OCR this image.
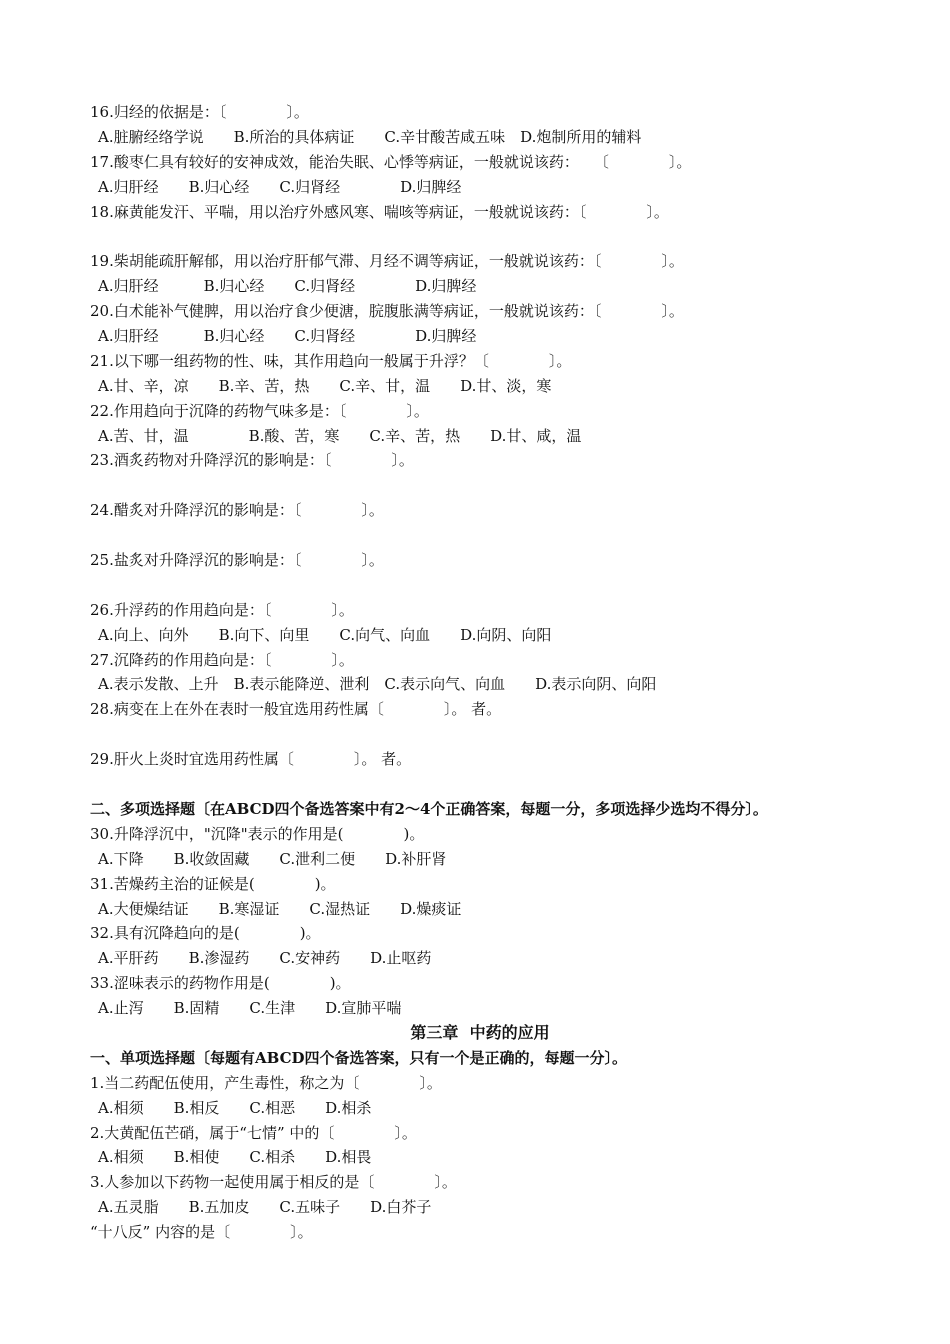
16.归经的依据是：〔　　　　〕。
A.脏腑经络学说　　B.所治的具体病证　　C.辛甘酸苦咸五味　D.炮制所用的辅料
17.酸枣仁具有较好的安神成效，能治失眠、心悸等病证，一般就说该药：　　〔　　　　〕。
A.归肝经　　B.归心经　　C.归肾经　　　　D.归脾经
18.麻黄能发汗、平喘，用以治疗外感风寒、喘咳等病证，一般就说该药：〔　　　　〕。
19.柴胡能疏肝解郁，用以治疗肝郁气滞、月经不调等病证，一般就说该药：〔　　　　〕。
A.归肝经　　　B.归心经　　C.归肾经　　　　D.归脾经
20.白术能补气健脾，用以治疗食少便溏，脘腹胀满等病证，一般就说该药：〔　　　　〕。
A.归肝经　　　B.归心经　　C.归肾经　　　　D.归脾经
21.以下哪一组药物的性、味，其作用趋向一般属于升浮？〔　　　　〕。
A.甘、辛，凉　　B.辛、苦，热　　C.辛、甘，温　　D.甘、淡，寒
22.作用趋向于沉降的药物气味多是：〔　　　　〕。
A.苦、甘，温　　　　B.酸、苦，寒　　C.辛、苦，热　　D.甘、咸，温
23.酒炙药物对升降浮沉的影响是：〔　　　　〕。
24.醋炙对升降浮沉的影响是：〔　　　　〕。
25.盐炙对升降浮沉的影响是：〔　　　　〕。
26.升浮药的作用趋向是：〔　　　　〕。
A.向上、向外　　B.向下、向里　　C.向气、向血　　D.向阴、向阳
27.沉降药的作用趋向是：〔　　　　〕。
A.表示发散、上升　B.表示能降逆、泄利　C.表示向气、向血　　D.表示向阴、向阳
28.病变在上在外在表时一般宜选用药性属〔　　　　〕。 者。
29.肝火上炎时宜选用药性属〔　　　　〕。 者。
二、多项选择题〔在ABCD四个备选答案中有2～4个正确答案，每题一分，多项选择少选均不得分〕。
30.升降浮沉中，"沉降"表示的作用是(　　　　)。
A.下降　　B.收敛固藏　　C.泄利二便　　D.补肝肾
31.苦燥药主治的证候是(　　　　)。
A.大便燥结证　　B.寒湿证　　C.湿热证　　D.燥痰证
32.具有沉降趋向的是(　　　　)。
A.平肝药　　B.渗湿药　　C.安神药　　D.止呕药
33.涩味表示的药物作用是(　　　　)。
A.止泻　　B.固精　　C.生津　　D.宣肺平喘
第三章  中药的应用
一、单项选择题〔每题有ABCD四个备选答案，只有一个是正确的，每题一分〕。
1.当二药配伍使用，产生毒性，称之为〔　　　　〕。
A.相须　　B.相反　　C.相恶　　D.相杀
2.大黄配伍芒硝，属于“七情” 中的〔　　　　〕。
A.相须　　B.相使　　C.相杀　　D.相畏
3.人参加以下药物一起使用属于相反的是〔　　　　〕。
A.五灵脂　　B.五加皮　　C.五味子　　D.白芥子
“十八反” 内容的是〔　　　　〕。
